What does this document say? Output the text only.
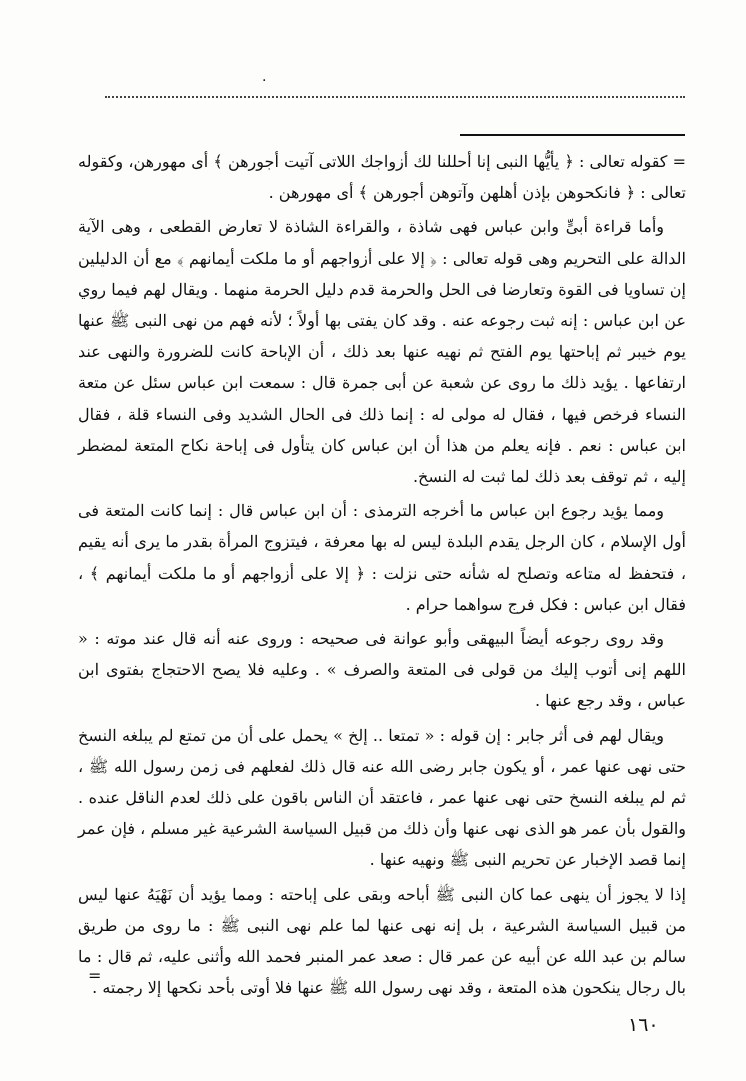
.

= كقوله تعالى : ﴿ يأيُّها النبى إنا أحللنا لك أزواجك اللاتى آتيت أجورهن ﴾ أى مهورهن، وكقوله تعالى : ﴿ فانكحوهن بإذن أهلهن وآتوهن أجورهن ﴾ أى مهورهن .

وأما قراءة أبىٍّ وابن عباس فهى شاذة ، والقراءة الشاذة لا تعارض القطعى ، وهى الآية الدالة على التحريم وهى قوله تعالى : ﴿ إلا على أزواجهم أو ما ملكت أيمانهم ﴾ مع أن الدليلين إن تساويا فى القوة وتعارضا فى الحل والحرمة قدم دليل الحرمة منهما . ويقال لهم فيما روي عن ابن عباس : إنه ثبت رجوعه عنه . وقد كان يفتى بها أولاً ؛ لأنه فهم من نهى النبى ﷺ عنها يوم خيبر ثم إباحتها يوم الفتح ثم نهيه عنها بعد ذلك ، أن الإباحة كانت للضرورة والنهى عند ارتفاعها . يؤيد ذلك ما روى عن شعبة عن أبى جمرة قال : سمعت ابن عباس سئل عن متعة النساء فرخص فيها ، فقال له مولى له : إنما ذلك فى الحال الشديد وفى النساء قلة ، فقال ابن عباس : نعم . فإنه يعلم من هذا أن ابن عباس كان يتأول فى إباحة نكاح المتعة لمضطر إليه ، ثم توقف بعد ذلك لما ثبت له النسخ.

ومما يؤيد رجوع ابن عباس ما أخرجه الترمذى : أن ابن عباس قال : إنما كانت المتعة فى أول الإسلام ، كان الرجل يقدم البلدة ليس له بها معرفة ، فيتزوج المرأة بقدر ما يرى أنه يقيم ، فتحفظ له متاعه وتصلح له شأنه حتى نزلت : ﴿ إلا على أزواجهم أو ما ملكت أيمانهم ﴾ ، فقال ابن عباس : فكل فرج سواهما حرام .

وقد روى رجوعه أيضاً البيهقى وأبو عوانة فى صحيحه : وروى عنه أنه قال عند موته : « اللهم إنى أتوب إليك من قولى فى المتعة والصرف » . وعليه فلا يصح الاحتجاج بفتوى ابن عباس ، وقد رجع عنها .

ويقال لهم فى أثر جابر : إن قوله : « تمتعا .. إلخ » يحمل على أن من تمتع لم يبلغه النسخ حتى نهى عنها عمر ، أو يكون جابر رضى الله عنه قال ذلك لفعلهم فى زمن رسول الله ﷺ ، ثم لم يبلغه النسخ حتى نهى عنها عمر ، فاعتقد أن الناس باقون على ذلك لعدم الناقل عنده . والقول بأن عمر هو الذى نهى عنها وأن ذلك من قبيل السياسة الشرعية غير مسلم ، فإن عمر إنما قصد الإخبار عن تحريم النبى ﷺ ونهيه عنها .

إذا لا يجوز أن ينهى عما كان النبى ﷺ أباحه وبقى على إباحته : ومما يؤيد أن نَهْيَهُ عنها ليس من قبيل السياسة الشرعية ، بل إنه نهى عنها لما علم نهى النبى ﷺ : ما روى من طريق سالم بن عبد الله عن أبيه عن عمر قال : صعد عمر المنبر فحمد الله وأثنى عليه، ثم قال : ما بال رجال ينكحون هذه المتعة ، وقد نهى رسول الله ﷺ عنها فلا أوتى بأحد نكحها إلا رجمته .

=
١٦٠
